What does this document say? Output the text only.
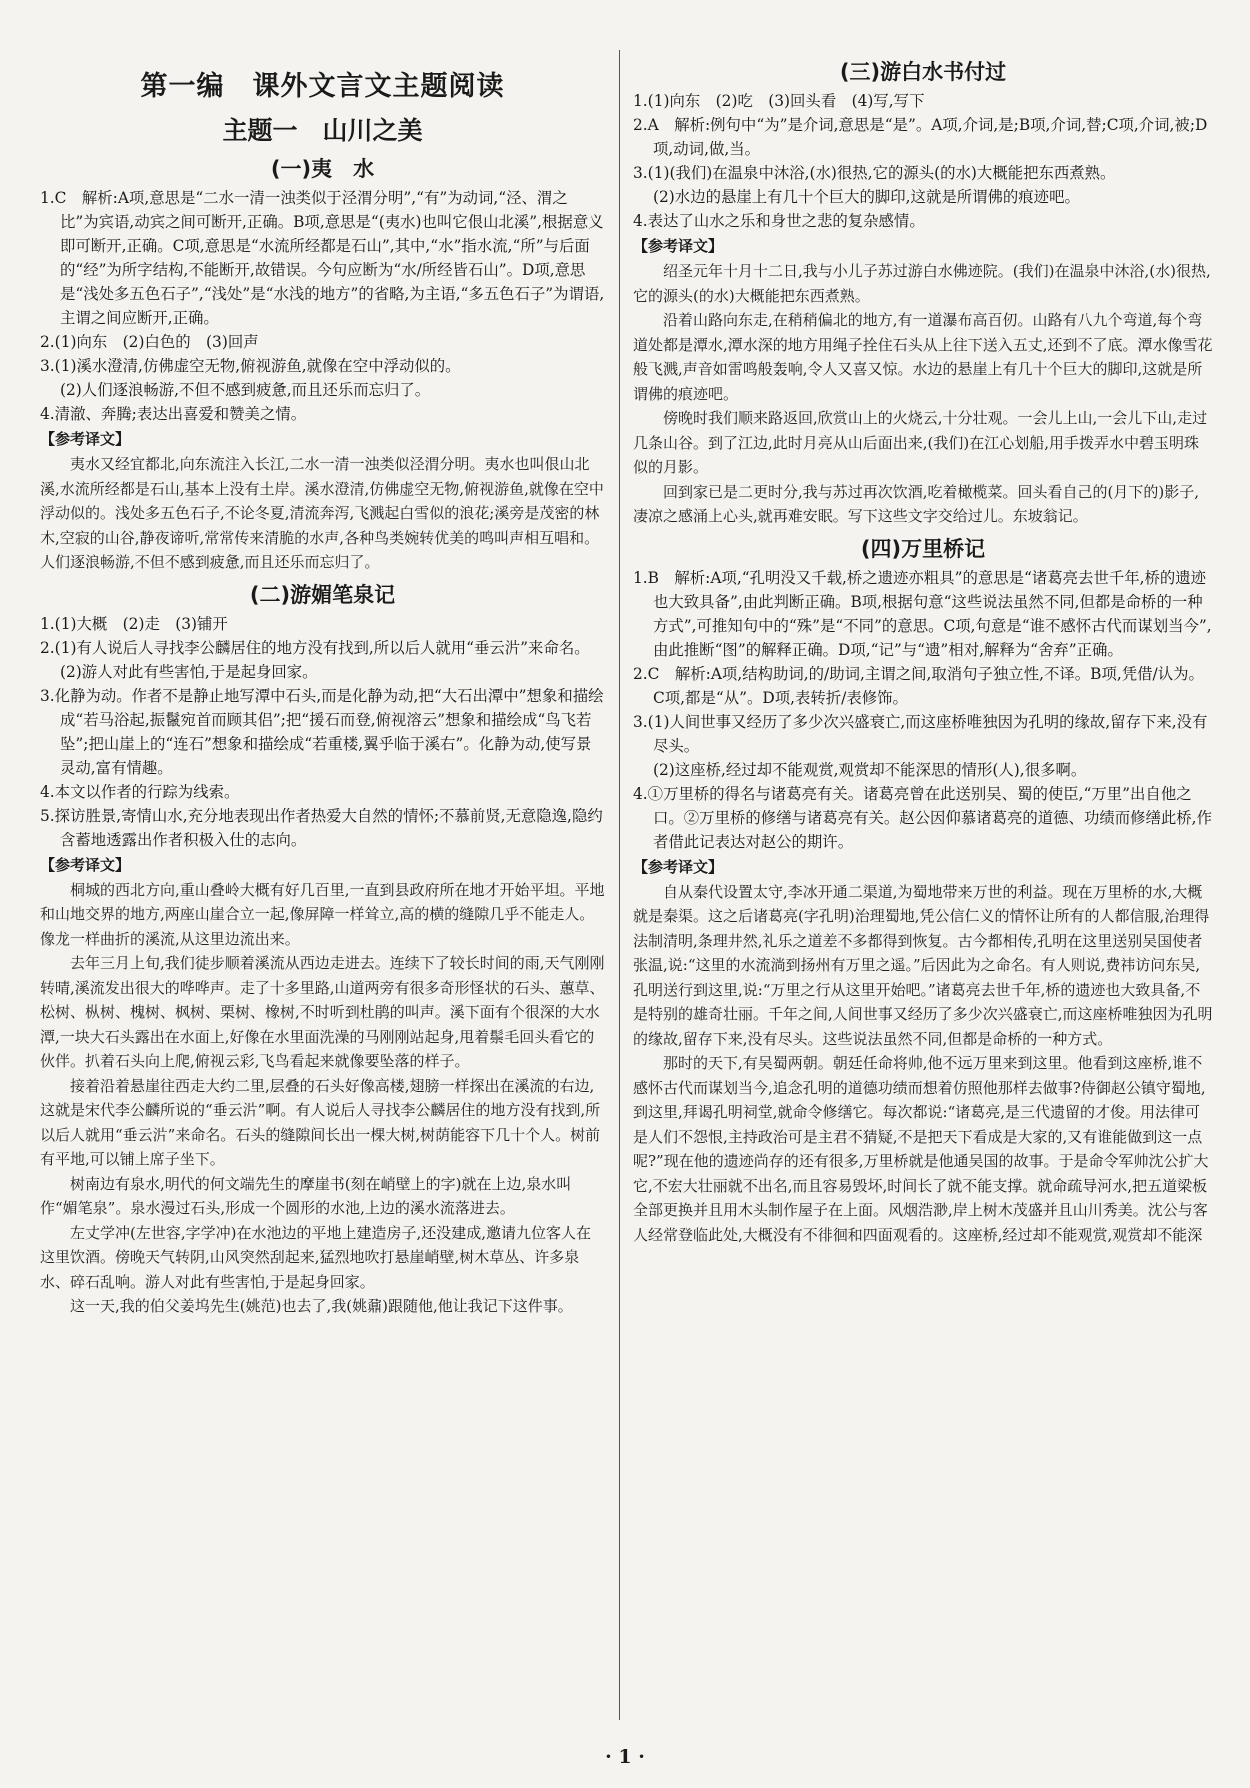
第一编　课外文言文主题阅读
主题一　山川之美
(一)夷　水

1.C　解析:A项,意思是“二水一清一浊类似于泾渭分明”,“有”为动词,“泾、渭之比”为宾语,动宾之间可断开,正确。B项,意思是“(夷水)也叫它佷山北溪”,根据意义即可断开,正确。C项,意思是“水流所经都是石山”,其中,“水”指水流,“所”与后面的“经”为所字结构,不能断开,故错误。今句应断为“水/所经皆石山”。D项,意思是“浅处多五色石子”,“浅处”是“水浅的地方”的省略,为主语,“多五色石子”为谓语,主谓之间应断开,正确。

2.(1)向东　(2)白色的　(3)回声

3.(1)溪水澄清,仿佛虚空无物,俯视游鱼,就像在空中浮动似的。

(2)人们逐浪畅游,不但不感到疲惫,而且还乐而忘归了。

4.清澈、奔腾;表达出喜爱和赞美之情。

【参考译文】

夷水又经宜都北,向东流注入长江,二水一清一浊类似泾渭分明。夷水也叫佷山北溪,水流所经都是石山,基本上没有土岸。溪水澄清,仿佛虚空无物,俯视游鱼,就像在空中浮动似的。浅处多五色石子,不论冬夏,清流奔泻,飞溅起白雪似的浪花;溪旁是茂密的林木,空寂的山谷,静夜谛听,常常传来清脆的水声,各种鸟类婉转优美的鸣叫声相互唱和。人们逐浪畅游,不但不感到疲惫,而且还乐而忘归了。

(二)游媚笔泉记

1.(1)大概　(2)走　(3)铺开

2.(1)有人说后人寻找李公麟居住的地方没有找到,所以后人就用“垂云沜”来命名。

(2)游人对此有些害怕,于是起身回家。

3.化静为动。作者不是静止地写潭中石头,而是化静为动,把“大石出潭中”想象和描绘成“若马浴起,振鬣宛首而顾其侣”;把“援石而登,俯视溶云”想象和描绘成“鸟飞若坠”;把山崖上的“连石”想象和描绘成“若重楼,翼乎临于溪右”。化静为动,使写景灵动,富有情趣。

4.本文以作者的行踪为线索。

5.探访胜景,寄情山水,充分地表现出作者热爱大自然的情怀;不慕前贤,无意隐逸,隐约含蓄地透露出作者积极入仕的志向。

【参考译文】

桐城的西北方向,重山叠岭大概有好几百里,一直到县政府所在地才开始平坦。平地和山地交界的地方,两座山崖合立一起,像屏障一样耸立,高的横的缝隙几乎不能走人。像龙一样曲折的溪流,从这里边流出来。

去年三月上旬,我们徒步顺着溪流从西边走进去。连续下了较长时间的雨,天气刚刚转晴,溪流发出很大的哗哗声。走了十多里路,山道两旁有很多奇形怪状的石头、蕙草、松树、枞树、槐树、枫树、栗树、橡树,不时听到杜鹃的叫声。溪下面有个很深的大水潭,一块大石头露出在水面上,好像在水里面洗澡的马刚刚站起身,甩着鬃毛回头看它的伙伴。扒着石头向上爬,俯视云彩,飞鸟看起来就像要坠落的样子。

接着沿着悬崖往西走大约二里,层叠的石头好像高楼,翅膀一样探出在溪流的右边,这就是宋代李公麟所说的“垂云沜”啊。有人说后人寻找李公麟居住的地方没有找到,所以后人就用“垂云沜”来命名。石头的缝隙间长出一棵大树,树荫能容下几十个人。树前有平地,可以铺上席子坐下。

树南边有泉水,明代的何文端先生的摩崖书(刻在峭壁上的字)就在上边,泉水叫作“媚笔泉”。泉水漫过石头,形成一个圆形的水池,上边的溪水流落进去。

左丈学冲(左世容,字学冲)在水池边的平地上建造房子,还没建成,邀请九位客人在这里饮酒。傍晚天气转阴,山风突然刮起来,猛烈地吹打悬崖峭壁,树木草丛、许多泉水、碎石乱响。游人对此有些害怕,于是起身回家。

这一天,我的伯父姜坞先生(姚范)也去了,我(姚鼐)跟随他,他让我记下这件事。

(三)游白水书付过

1.(1)向东　(2)吃　(3)回头看　(4)写,写下

2.A　解析:例句中“为”是介词,意思是“是”。A项,介词,是;B项,介词,替;C项,介词,被;D项,动词,做,当。

3.(1)(我们)在温泉中沐浴,(水)很热,它的源头(的水)大概能把东西煮熟。

(2)水边的悬崖上有几十个巨大的脚印,这就是所谓佛的痕迹吧。

4.表达了山水之乐和身世之悲的复杂感情。

【参考译文】

绍圣元年十月十二日,我与小儿子苏过游白水佛迹院。(我们)在温泉中沐浴,(水)很热,它的源头(的水)大概能把东西煮熟。

沿着山路向东走,在稍稍偏北的地方,有一道瀑布高百仞。山路有八九个弯道,每个弯道处都是潭水,潭水深的地方用绳子拴住石头从上往下送入五丈,还到不了底。潭水像雪花般飞溅,声音如雷鸣般轰响,令人又喜又惊。水边的悬崖上有几十个巨大的脚印,这就是所谓佛的痕迹吧。

傍晚时我们顺来路返回,欣赏山上的火烧云,十分壮观。一会儿上山,一会儿下山,走过几条山谷。到了江边,此时月亮从山后面出来,(我们)在江心划船,用手拨弄水中碧玉明珠似的月影。

回到家已是二更时分,我与苏过再次饮酒,吃着橄榄菜。回头看自己的(月下的)影子,凄凉之感涌上心头,就再难安眠。写下这些文字交给过儿。东坡翁记。

(四)万里桥记

1.B　解析:A项,“孔明没又千载,桥之遗迹亦粗具”的意思是“诸葛亮去世千年,桥的遗迹也大致具备”,由此判断正确。B项,根据句意“这些说法虽然不同,但都是命桥的一种方式”,可推知句中的“殊”是“不同”的意思。C项,句意是“谁不感怀古代而谋划当今”,由此推断“图”的解释正确。D项,“记”与“遗”相对,解释为“舍弃”正确。

2.C　解析:A项,结构助词,的/助词,主谓之间,取消句子独立性,不译。B项,凭借/认为。C项,都是“从”。D项,表转折/表修饰。

3.(1)人间世事又经历了多少次兴盛衰亡,而这座桥唯独因为孔明的缘故,留存下来,没有尽头。

(2)这座桥,经过却不能观赏,观赏却不能深思的情形(人),很多啊。

4.①万里桥的得名与诸葛亮有关。诸葛亮曾在此送别吴、蜀的使臣,“万里”出自他之口。②万里桥的修缮与诸葛亮有关。赵公因仰慕诸葛亮的道德、功绩而修缮此桥,作者借此记表达对赵公的期许。

【参考译文】

自从秦代设置太守,李冰开通二渠道,为蜀地带来万世的利益。现在万里桥的水,大概就是秦渠。这之后诸葛亮(字孔明)治理蜀地,凭公信仁义的情怀让所有的人都信服,治理得法制清明,条理井然,礼乐之道差不多都得到恢复。古今都相传,孔明在这里送别吴国使者张温,说:“这里的水流淌到扬州有万里之遥。”后因此为之命名。有人则说,费祎访问东吴,孔明送行到这里,说:“万里之行从这里开始吧。”诸葛亮去世千年,桥的遗迹也大致具备,不是特别的雄奇壮丽。千年之间,人间世事又经历了多少次兴盛衰亡,而这座桥唯独因为孔明的缘故,留存下来,没有尽头。这些说法虽然不同,但都是命桥的一种方式。

那时的天下,有吴蜀两朝。朝廷任命将帅,他不远万里来到这里。他看到这座桥,谁不感怀古代而谋划当今,追念孔明的道德功绩而想着仿照他那样去做事?侍御赵公镇守蜀地,到这里,拜谒孔明祠堂,就命令修缮它。每次都说:“诸葛亮,是三代遗留的才俊。用法律可是人们不怨恨,主持政治可是主君不猜疑,不是把天下看成是大家的,又有谁能做到这一点呢?”现在他的遗迹尚存的还有很多,万里桥就是他通吴国的故事。于是命令军帅沈公扩大它,不宏大壮丽就不出名,而且容易毁坏,时间长了就不能支撑。就命疏导河水,把五道梁板全部更换并且用木头制作屋子在上面。风烟浩渺,岸上树木茂盛并且山川秀美。沈公与客人经常登临此处,大概没有不徘徊和四面观看的。这座桥,经过却不能观赏,观赏却不能深

· 1 ·
